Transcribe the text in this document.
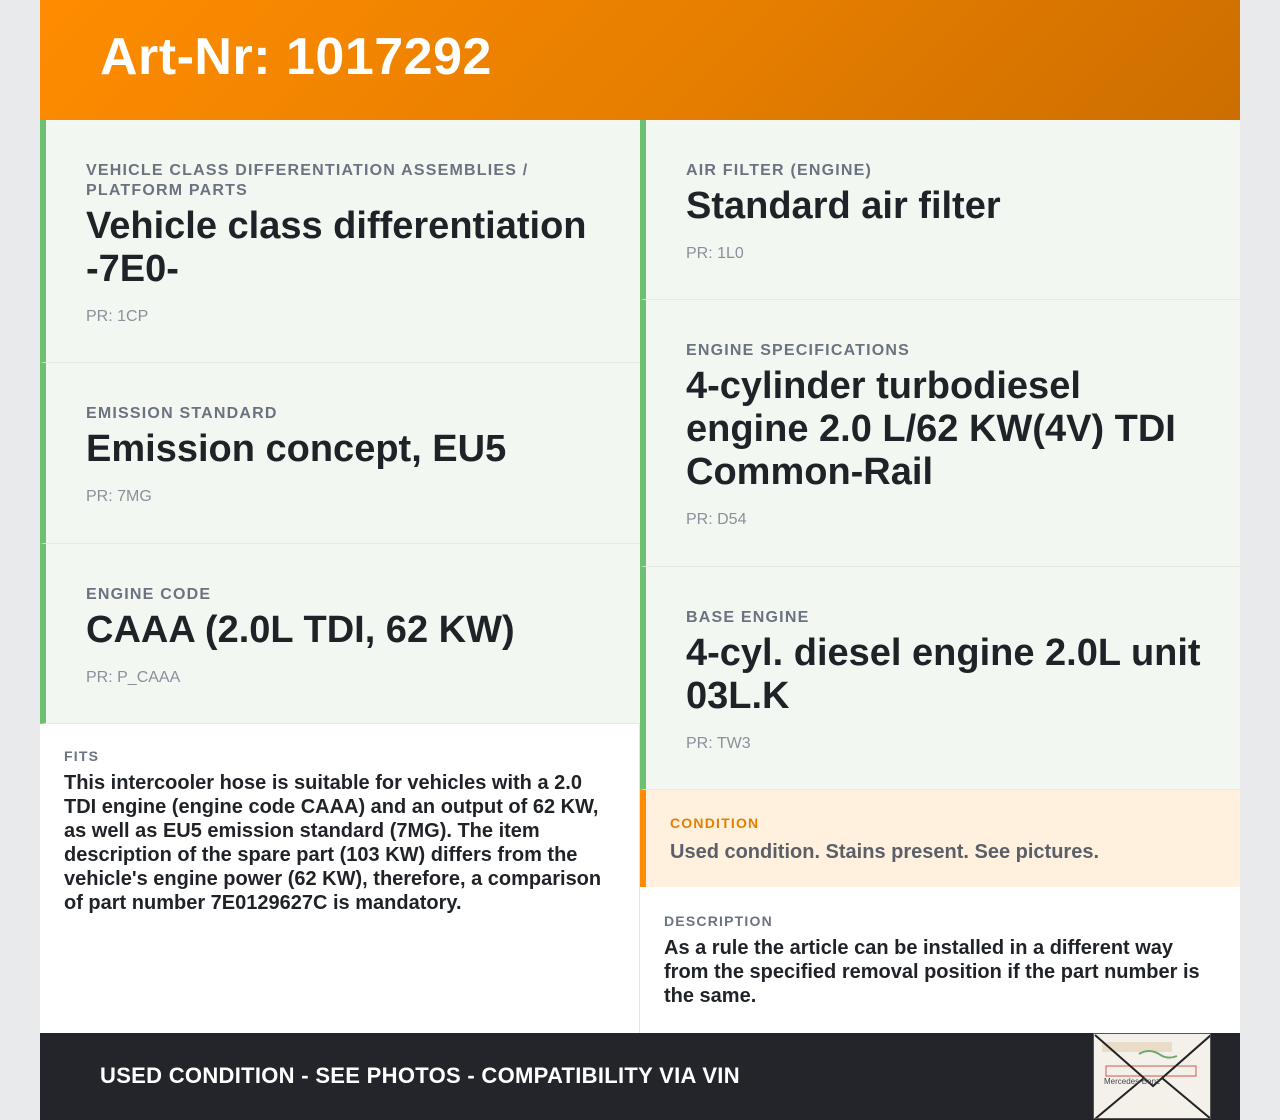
Art-Nr: 1017292
VEHICLE CLASS DIFFERENTIATION ASSEMBLIES / PLATFORM PARTS
Vehicle class differentiation -7E0-
PR: 1CP
EMISSION STANDARD
Emission concept, EU5
PR: 7MG
ENGINE CODE
CAAA (2.0L TDI, 62 KW)
PR: P_CAAA
FITS
This intercooler hose is suitable for vehicles with a 2.0 TDI engine (engine code CAAA) and an output of 62 KW, as well as EU5 emission standard (7MG). The item description of the spare part (103 KW) differs from the vehicle's engine power (62 KW), therefore, a comparison of part number 7E0129627C is mandatory.
AIR FILTER (ENGINE)
Standard air filter
PR: 1L0
ENGINE SPECIFICATIONS
4-cylinder turbodiesel engine 2.0 L/62 KW(4V) TDI Common-Rail
PR: D54
BASE ENGINE
4-cyl. diesel engine 2.0L unit 03L.K
PR: TW3
CONDITION
Used condition. Stains present. See pictures.
DESCRIPTION
As a rule the article can be installed in a different way from the specified removal position if the part number is the same.
USED CONDITION - SEE PHOTOS - COMPATIBILITY VIA VIN	Mercedes-Benz
